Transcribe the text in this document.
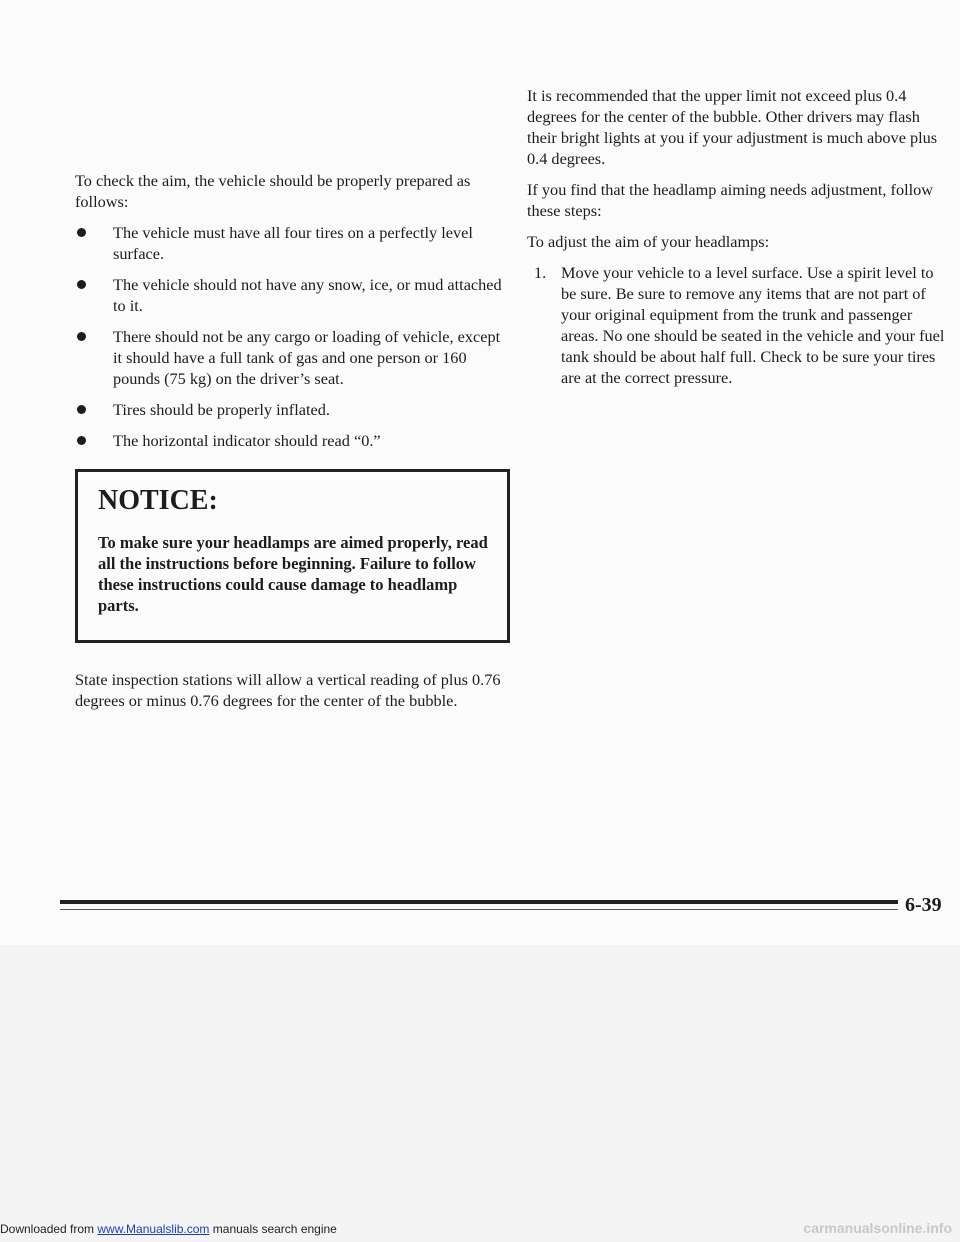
To check the aim, the vehicle should be properly prepared as follows:

The vehicle must have all four tires on a perfectly level surface.
The vehicle should not have any snow, ice, or mud attached to it.
There should not be any cargo or loading of vehicle, except it should have a full tank of gas and one person or 160 pounds (75 kg) on the driver’s seat.
Tires should be properly inflated.
The horizontal indicator should read “0.”
NOTICE:

To make sure your headlamps are aimed properly, read all the instructions before beginning. Failure to follow these instructions could cause damage to headlamp parts.

State inspection stations will allow a vertical reading of plus 0.76 degrees or minus 0.76 degrees for the center of the bubble.

It is recommended that the upper limit not exceed plus 0.4 degrees for the center of the bubble. Other drivers may flash their bright lights at you if your adjustment is much above plus 0.4 degrees.

If you find that the headlamp aiming needs adjustment, follow these steps:

To adjust the aim of your headlamps:

1. Move your vehicle to a level surface. Use a spirit level to be sure. Be sure to remove any items that are not part of your original equipment from the trunk and passenger areas. No one should be seated in the vehicle and your fuel tank should be about half full. Check to be sure your tires are at the correct pressure.
6-39
Downloaded from www.Manualslib.com manuals search engine	carmanualsonline.info
